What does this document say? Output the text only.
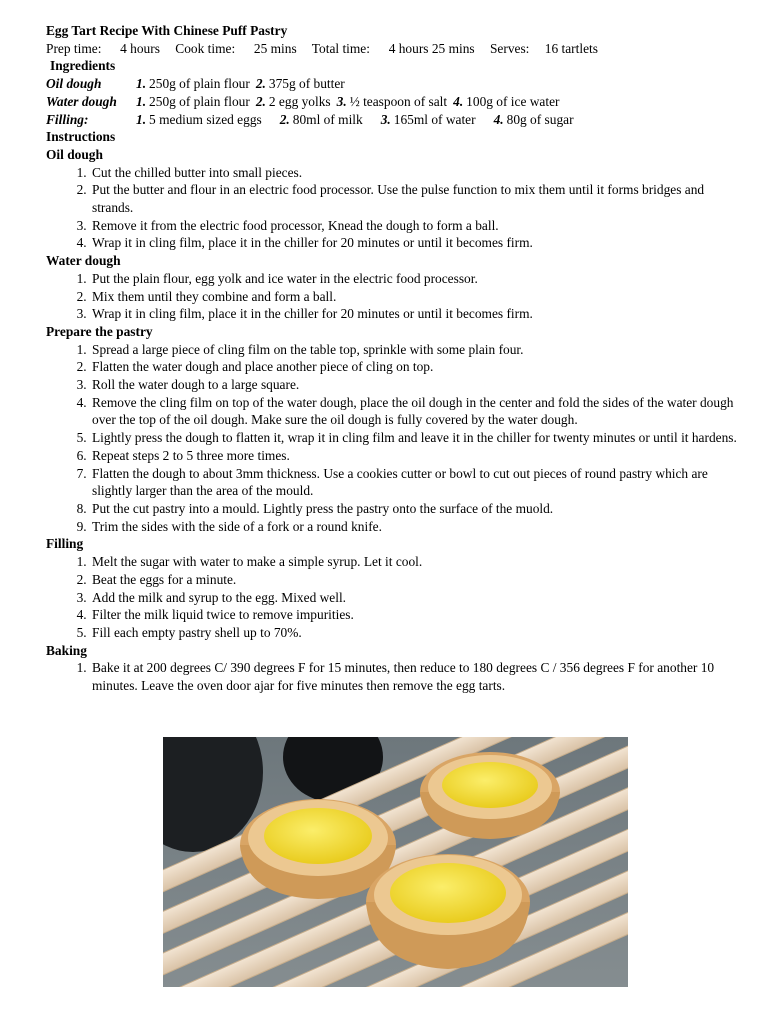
Egg Tart Recipe With Chinese Puff Pastry
Prep time: 4 hours Cook time: 25 mins Total time: 4 hours 25 mins Serves: 16 tartlets
Ingredients
Oil dough	1. 250g of plain flour 2. 375g of butter
Water dough	1. 250g of plain flour 2. 2 egg yolks 3. ½ teaspoon of salt 4. 100g of ice water
Filling:	1. 5 medium sized eggs 2. 80ml of milk 3. 165ml of water 4. 80g of sugar
Instructions
Oil dough
1. Cut the chilled butter into small pieces.
2. Put the butter and flour in an electric food processor. Use the pulse function to mix them until it forms bridges and strands.
3. Remove it from the electric food processor, Knead the dough to form a ball.
4. Wrap it in cling film, place it in the chiller for 20 minutes or until it becomes firm.
Water dough
1. Put the plain flour, egg yolk and ice water in the electric food processor.
2. Mix them until they combine and form a ball.
3. Wrap it in cling film, place it in the chiller for 20 minutes or until it becomes firm.
Prepare the pastry
1. Spread a large piece of cling film on the table top, sprinkle with some plain four.
2. Flatten the water dough and place another piece of cling on top.
3. Roll the water dough to a large square.
4. Remove the cling film on top of the water dough, place the oil dough in the center and fold the sides of the water dough over the top of the oil dough. Make sure the oil dough is fully covered by the water dough.
5. Lightly press the dough to flatten it, wrap it in cling film and leave it in the chiller for twenty minutes or until it hardens.
6. Repeat steps 2 to 5 three more times.
7. Flatten the dough to about 3mm thickness. Use a cookies cutter or bowl to cut out pieces of round pastry which are slightly larger than the area of the mould.
8. Put the cut pastry into a mould. Lightly press the pastry onto the surface of the muold.
9. Trim the sides with the side of a fork or a round knife.
Filling
1. Melt the sugar with water to make a simple syrup. Let it cool.
2. Beat the eggs for a minute.
3. Add the milk and syrup to the egg. Mixed well.
4. Filter the milk liquid twice to remove impurities.
5. Fill each empty pastry shell up to 70%.
Baking
1. Bake it at 200 degrees C/ 390 degrees F for 15 minutes, then reduce to 180 degrees C / 356 degrees F for another 10 minutes. Leave the oven door ajar for five minutes then remove the egg tarts.
